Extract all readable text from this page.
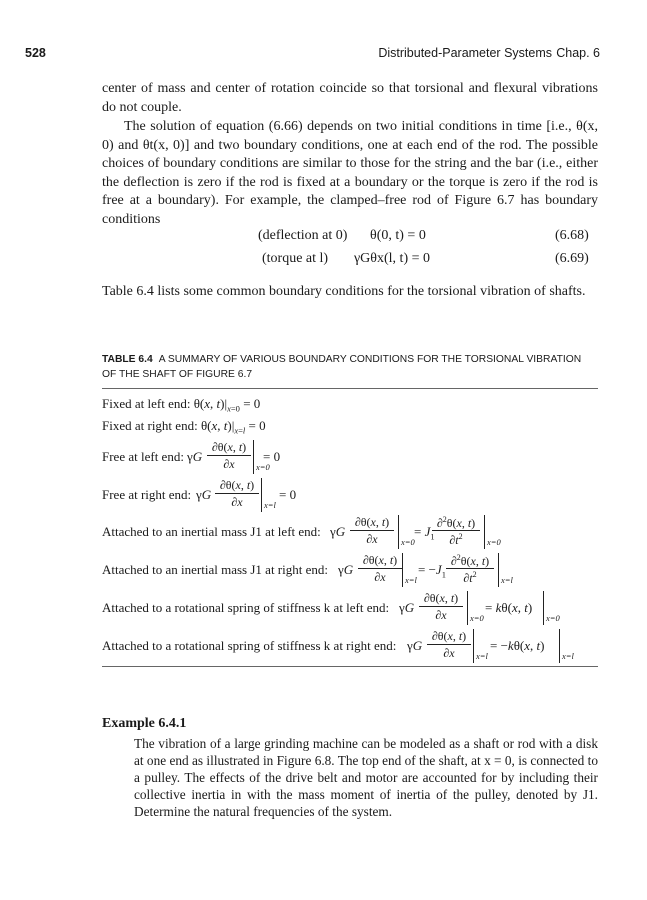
528	Distributed-Parameter Systems Chap. 6
center of mass and center of rotation coincide so that torsional and flexural vibrations do not couple.
The solution of equation (6.66) depends on two initial conditions in time [i.e., θ(x, 0) and θt(x, 0)] and two boundary conditions, one at each end of the rod. The possible choices of boundary conditions are similar to those for the string and the bar (i.e., either the deflection is zero if the rod is fixed at a boundary or the torque is zero if the rod is free at a boundary). For example, the clamped–free rod of Figure 6.7 has boundary conditions
(deflection at 0) θ(0, t) = 0	(6.68)
(torque at l) γGθx(l, t) = 0	(6.69)
Table 6.4 lists some common boundary conditions for the torsional vibration of shafts.
TABLE 6.4 A SUMMARY OF VARIOUS BOUNDARY CONDITIONS FOR THE TORSIONAL VIBRATION OF THE SHAFT OF FIGURE 6.7
Fixed at left end: θ(x, $t)|_{x=0} = 0$
Fixed at right end: θ(x, $t)|_{x=l} = 0$
Free at left end: γG
∂θ(x, t)
∂x	x=0
= 0
Free at right end: γG
∂θ(x, t)
∂x	x=l
= 0
Attached to an inertial mass J1 at left end: γG
∂θ(x, t)
∂x	x=0
= $J_1$
∂$^2$θ(x, t)
$\partial t^2$
x=0
Attached to an inertial mass J1 at right end: γG
∂θ(x, t)
∂x	x=l
= $-J_1$
∂$^2$θ(x, t)
$\partial t^2$
x=l
Attached to a rotational spring of stiffness k at left end: γG
∂θ(x, t)
∂x	x=0
= kθ(x, t)
x=0
Attached to a rotational spring of stiffness k at right end: γG
∂θ(x, t)
∂x	x=l
= −kθ(x, t)
x=l
Example 6.4.1
The vibration of a large grinding machine can be modeled as a shaft or rod with a disk at one end as illustrated in Figure 6.8. The top end of the shaft, at x = 0, is connected to a pulley. The effects of the drive belt and motor are accounted for by including their collective inertia in with the mass moment of inertia of the pulley, denoted by J1. Determine the natural frequencies of the system.
